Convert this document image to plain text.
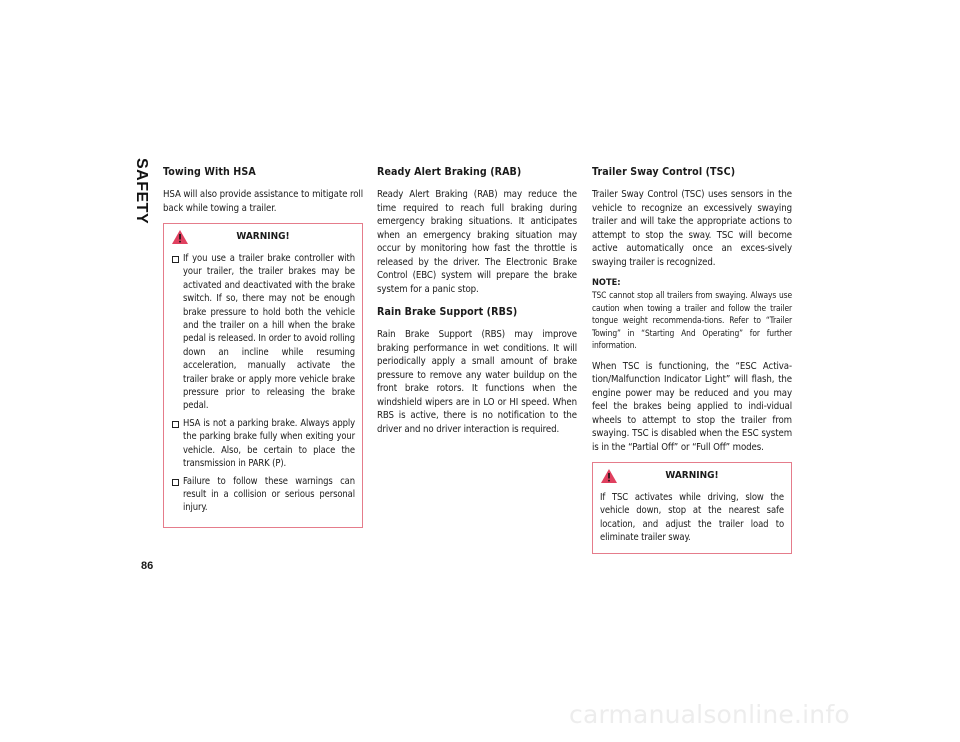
SAFETY Towing With HSA

HSA will also provide assistance to mitigate roll back while towing a trailer.

WARNING!
If you use a trailer brake controller with your trailer, the trailer brakes may be activated and deactivated with the brake switch. If so, there may not be enough brake pressure to hold both the vehicle and the trailer on a hill when the brake pedal is released. In order to avoid rolling down an incline while resuming acceleration, manually activate the trailer brake or apply more vehicle brake pressure prior to releasing the brake pedal.
HSA is not a parking brake. Always apply the parking brake fully when exiting your vehicle. Also, be certain to place the transmission in PARK (P).
Failure to follow these warnings can result in a collision or serious personal injury.
Ready Alert Braking (RAB)

Ready Alert Braking (RAB) may reduce the time required to reach full braking during emergency braking situations. It anticipates when an emergency braking situation may occur by monitoring how fast the throttle is released by the driver. The Electronic Brake Control (EBC) system will prepare the brake system for a panic stop.

Rain Brake Support (RBS)

Rain Brake Support (RBS) may improve braking performance in wet conditions. It will periodically apply a small amount of brake pressure to remove any water buildup on the front brake rotors. It functions when the windshield wipers are in LO or HI speed. When RBS is active, there is no notification to the driver and no driver interaction is required.

Trailer Sway Control (TSC)

Trailer Sway Control (TSC) uses sensors in the vehicle to recognize an excessively swaying trailer and will take the appropriate actions to attempt to stop the sway. TSC will become active automatically once an exces-sively swaying trailer is recognized.

NOTE:

TSC cannot stop all trailers from swaying. Always use caution when towing a trailer and follow the trailer tongue weight recommenda-tions. Refer to “Trailer Towing” in “Starting And Operating” for further information.

When TSC is functioning, the “ESC Activa-tion/Malfunction Indicator Light” will flash, the engine power may be reduced and you may feel the brakes being applied to indi-vidual wheels to attempt to stop the trailer from swaying. TSC is disabled when the ESC system is in the “Partial Off” or “Full Off” modes.

WARNING!

If TSC activates while driving, slow the vehicle down, stop at the nearest safe location, and adjust the trailer load to eliminate trailer sway.

86
carmanualsonline.info
